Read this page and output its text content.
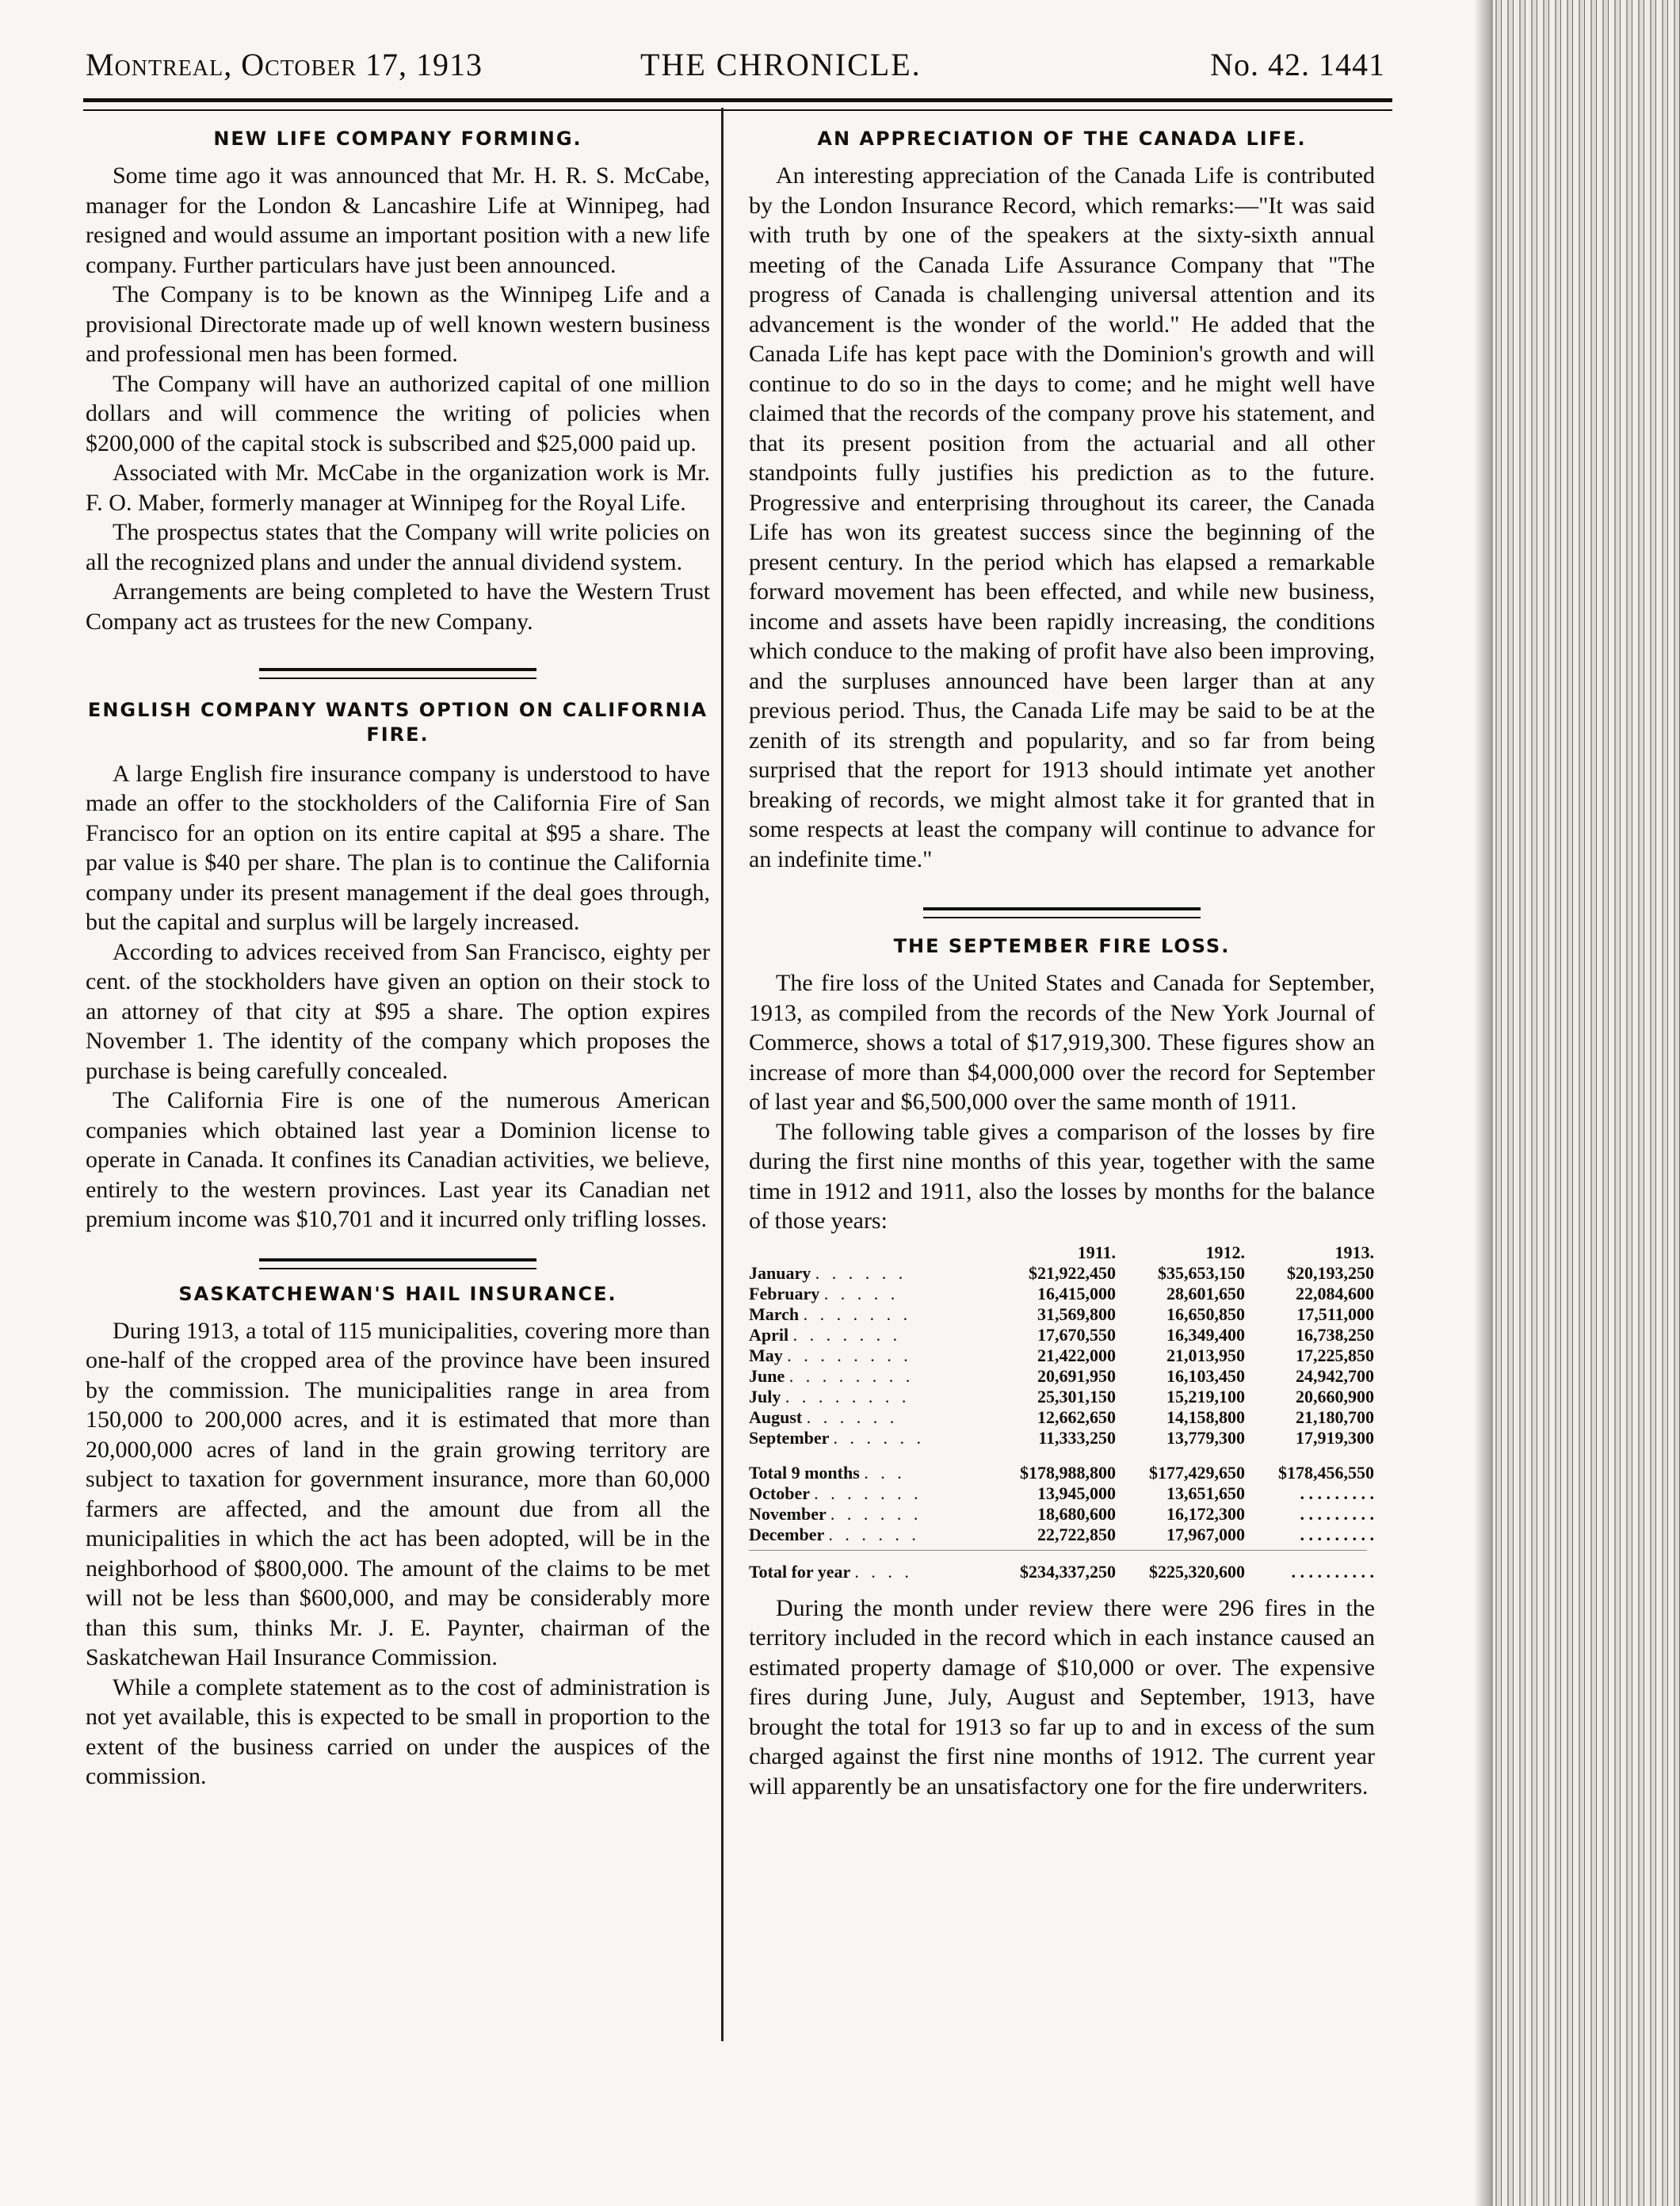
Montreal, October 17, 1913	THE CHRONICLE.	No. 42. 1441
NEW LIFE COMPANY FORMING.

Some time ago it was announced that Mr. H. R. S. McCabe, manager for the London & Lancashire Life at Winnipeg, had resigned and would assume an important position with a new life company. Further particulars have just been announced.

The Company is to be known as the Winnipeg Life and a provisional Directorate made up of well known western business and professional men has been formed.

The Company will have an authorized capital of one million dollars and will commence the writing of policies when $200,000 of the capital stock is subscribed and $25,000 paid up.

Associated with Mr. McCabe in the organization work is Mr. F. O. Maber, formerly manager at Winnipeg for the Royal Life.

The prospectus states that the Company will write policies on all the recognized plans and under the annual dividend system.

Arrangements are being completed to have the Western Trust Company act as trustees for the new Company.

ENGLISH COMPANY WANTS OPTION ON CALIFORNIA FIRE.

A large English fire insurance company is understood to have made an offer to the stockholders of the California Fire of San Francisco for an option on its entire capital at $95 a share. The par value is $40 per share. The plan is to continue the California company under its present management if the deal goes through, but the capital and surplus will be largely increased.

According to advices received from San Francisco, eighty per cent. of the stockholders have given an option on their stock to an attorney of that city at $95 a share. The option expires November 1. The identity of the company which proposes the purchase is being carefully concealed.

The California Fire is one of the numerous American companies which obtained last year a Dominion license to operate in Canada. It confines its Canadian activities, we believe, entirely to the western provinces. Last year its Canadian net premium income was $10,701 and it incurred only trifling losses.

SASKATCHEWAN'S HAIL INSURANCE.

During 1913, a total of 115 municipalities, covering more than one-half of the cropped area of the province have been insured by the commission. The municipalities range in area from 150,000 to 200,000 acres, and it is estimated that more than 20,000,000 acres of land in the grain growing territory are subject to taxation for government insurance, more than 60,000 farmers are affected, and the amount due from all the municipalities in which the act has been adopted, will be in the neighborhood of $800,000. The amount of the claims to be met will not be less than $600,000, and may be considerably more than this sum, thinks Mr. J. E. Paynter, chairman of the Saskatchewan Hail Insurance Commission.

While a complete statement as to the cost of administration is not yet available, this is expected to be small in proportion to the extent of the business carried on under the auspices of the commission.

AN APPRECIATION OF THE CANADA LIFE.

An interesting appreciation of the Canada Life is contributed by the London Insurance Record, which remarks:—"It was said with truth by one of the speakers at the sixty-sixth annual meeting of the Canada Life Assurance Company that "The progress of Canada is challenging universal attention and its advancement is the wonder of the world." He added that the Canada Life has kept pace with the Dominion's growth and will continue to do so in the days to come; and he might well have claimed that the records of the company prove his statement, and that its present position from the actuarial and all other standpoints fully justifies his prediction as to the future. Progressive and enterprising throughout its career, the Canada Life has won its greatest success since the beginning of the present century. In the period which has elapsed a remarkable forward movement has been effected, and while new business, income and assets have been rapidly increasing, the conditions which conduce to the making of profit have also been improving, and the surpluses announced have been larger than at any previous period. Thus, the Canada Life may be said to be at the zenith of its strength and popularity, and so far from being surprised that the report for 1913 should intimate yet another breaking of records, we might almost take it for granted that in some respects at least the company will continue to advance for an indefinite time."

THE SEPTEMBER FIRE LOSS.

The fire loss of the United States and Canada for September, 1913, as compiled from the records of the New York Journal of Commerce, shows a total of $17,919,300. These figures show an increase of more than $4,000,000 over the record for September of last year and $6,500,000 over the same month of 1911.

The following table gives a comparison of the losses by fire during the first nine months of this year, together with the same time in 1912 and 1911, also the losses by months for the balance of those years:

1911.	1912.	1913.
January . . . . . .	$21,922,450	$35,653,150	$20,193,250
February . . . . .	16,415,000	28,601,650	22,084,600
March . . . . . . .	31,569,800	16,650,850	17,511,000
April . . . . . . .	17,670,550	16,349,400	16,738,250
May . . . . . . . .	21,422,000	21,013,950	17,225,850
June . . . . . . . .	20,691,950	16,103,450	24,942,700
July . . . . . . . .	25,301,150	15,219,100	20,660,900
August . . . . . .	12,662,650	14,158,800	21,180,700
September . . . . . .	11,333,250	13,779,300	17,919,300
Total 9 months . . .	$178,988,800	$177,429,650	$178,456,550
October . . . . . . .	13,945,000	13,651,650	. . . . . . . . .
November . . . . . .	18,680,600	16,172,300	. . . . . . . . .
December . . . . . .	22,722,850	17,967,000	. . . . . . . . .
Total for year . . . .	$234,337,250	$225,320,600	. . . . . . . . . .

During the month under review there were 296 fires in the territory included in the record which in each instance caused an estimated property damage of $10,000 or over. The expensive fires during June, July, August and September, 1913, have brought the total for 1913 so far up to and in excess of the sum charged against the first nine months of 1912. The current year will apparently be an unsatisfactory one for the fire underwriters.
